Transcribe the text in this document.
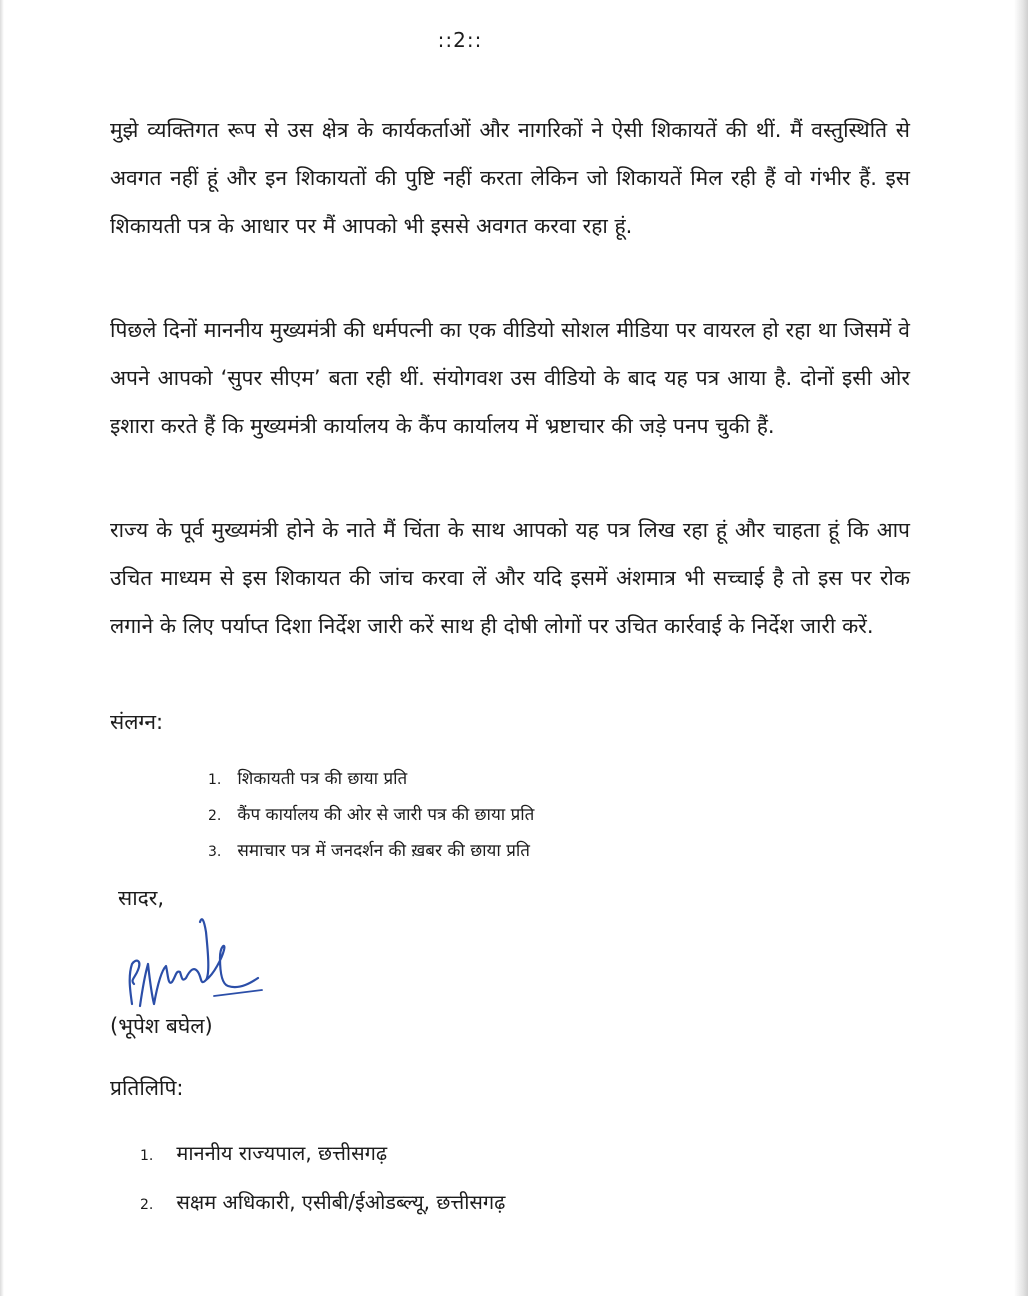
::2::

मुझे व्यक्तिगत रूप से उस क्षेत्र के कार्यकर्ताओं और नागरिकों ने ऐसी शिकायतें की थीं. मैं वस्तुस्थिति से अवगत नहीं हूं और इन शिकायतों की पुष्टि नहीं करता लेकिन जो शिकायतें मिल रही हैं वो गंभीर हैं. इस शिकायती पत्र के आधार पर मैं आपको भी इससे अवगत करवा रहा हूं.

पिछले दिनों माननीय मुख्यमंत्री की धर्मपत्नी का एक वीडियो सोशल मीडिया पर वायरल हो रहा था जिसमें वे अपने आपको ‘सुपर सीएम’ बता रही थीं. संयोगवश उस वीडियो के बाद यह पत्र आया है. दोनों इसी ओर इशारा करते हैं कि मुख्यमंत्री कार्यालय के कैंप कार्यालय में भ्रष्टाचार की जड़े पनप चुकी हैं.

राज्य के पूर्व मुख्यमंत्री होने के नाते मैं चिंता के साथ आपको यह पत्र लिख रहा हूं और चाहता हूं कि आप उचित माध्यम से इस शिकायत की जांच करवा लें और यदि इसमें अंशमात्र भी सच्चाई है तो इस पर रोक लगाने के लिए पर्याप्त दिशा निर्देश जारी करें साथ ही दोषी लोगों पर उचित कार्रवाई के निर्देश जारी करें.

संलग्न:
1. शिकायती पत्र की छाया प्रति
2. कैंप कार्यालय की ओर से जारी पत्र की छाया प्रति
3. समाचार पत्र में जनदर्शन की ख़बर की छाया प्रति
सादर,
(भूपेश बघेल)
प्रतिलिपि:
1. माननीय राज्यपाल, छत्तीसगढ़
2. सक्षम अधिकारी, एसीबी/ईओडब्ल्यू, छत्तीसगढ़
